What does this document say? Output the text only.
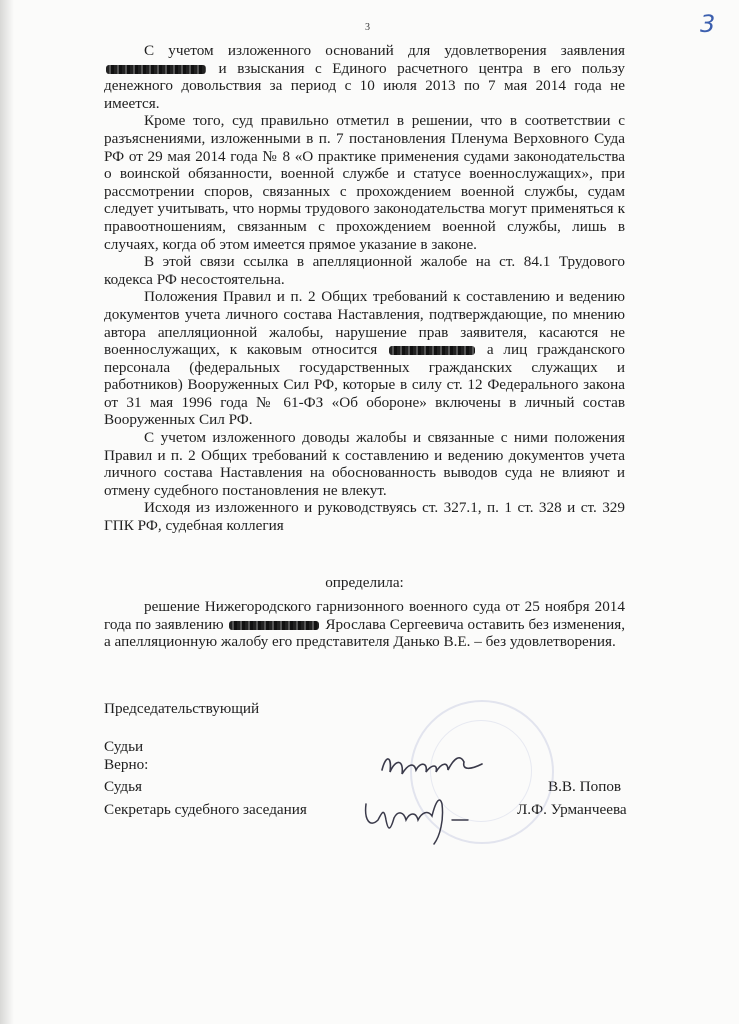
3	3

С учетом изложенного оснований для удовлетворения заявления  и взыскания с Единого расчетного центра в его пользу денежного довольствия за период с 10 июля 2013 по 7 мая 2014 года не имеется.

Кроме того, суд правильно отметил в решении, что в соответствии с разъяснениями, изложенными в п. 7 постановления Пленума Верховного Суда РФ от 29 мая 2014 года № 8 «О практике применения судами законодательства о воинской обязанности, военной службе и статусе военнослужащих», при рассмотрении споров, связанных с прохождением военной службы, судам следует учитывать, что нормы трудового законодательства могут применяться к правоотношениям, связанным с прохождением военной службы, лишь в случаях, когда об этом имеется прямое указание в законе.

В этой связи ссылка в апелляционной жалобе на ст. 84.1 Трудового кодекса РФ несостоятельна.

Положения Правил и п. 2 Общих требований к составлению и ведению документов учета личного состава Наставления, подтверждающие, по мнению автора апелляционной жалобы, нарушение прав заявителя, касаются не военнослужащих, к каковым относится	а лиц гражданского персонала (федеральных государственных гражданских служащих и работников) Вооруженных Сил РФ, которые в силу ст. 12 Федерального закона от 31 мая 1996 года № 61-ФЗ «Об обороне» включены в личный состав Вооруженных Сил РФ.

С учетом изложенного доводы жалобы и связанные с ними положения Правил и п. 2 Общих требований к составлению и ведению документов учета личного состава Наставления на обоснованность выводов суда не влияют и отмену судебного постановления не влекут.

Исходя из изложенного и руководствуясь ст. 327.1, п. 1 ст. 328 и ст. 329 ГПК РФ, судебная коллегия

определила:

решение Нижегородского гарнизонного военного суда от 25 ноября 2014 года по заявлению	Ярослава Сергеевича оставить без изменения, а апелляционную жалобу его представителя Данько В.Е. – без удовлетворения.

Председательствующий
Судьи
Верно:
Судья	В.В. Попов
Секретарь судебного заседания	Л.Ф. Урманчеева
